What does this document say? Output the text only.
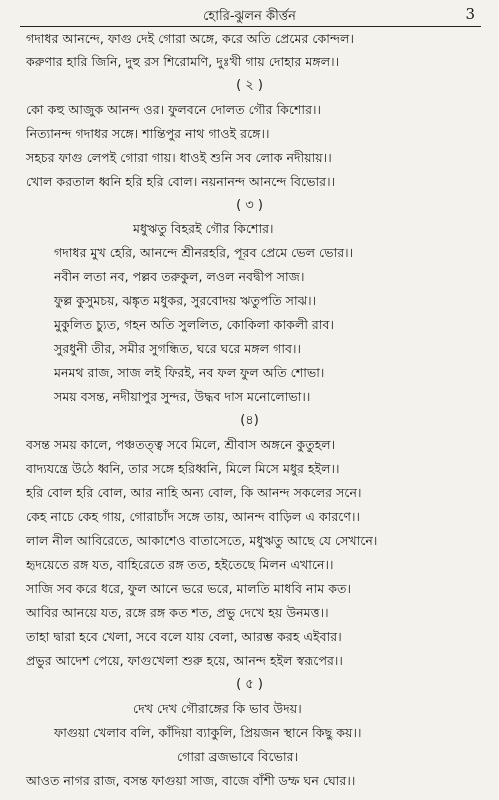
হোরি-ঝুলন কীর্ত্তন	3
গদাধর আনন্দে, ফাগু দেই গোরা অঙ্গে, করে অতি প্রেমের কোন্দল।
করুণার হারি জিনি, দুহু রস শিরোমণি, দুঃখী গায় দোহার মঙ্গল।।
( ২ )
কো কহু আজুক আনন্দ ওর। ফুলবনে দোলত গৌর কিশোর।।
নিত্যানন্দ গদাধর সঙ্গে। শান্তিপুর নাথ গাওই রঙ্গে।।
সহচর ফাগু লেপই গোরা গায়। ধাওই শুনি সব লোক নদীয়ায়।।
খোল করতাল ধ্বনি হরি হরি বোল। নয়নানন্দ আনন্দে বিভোর।।
( ৩ )
মধুঋতু বিহরই গৌর কিশোর।
গদাধর মুখ হেরি, আনন্দে শ্রীনরহরি, পূরব প্রেমে ভেল ভোর।।
নবীন লতা নব, পল্লব তরুকুল, লওল নবদ্বীপ সাজ।
ফুল্ল কুসুমচয়, ঝঙ্কৃত মধুকর, সুরবোদয় ঋতুপতি সাঝ।।
মুকুলিত চ্যুত, গহন অতি সুললিত, কোকিলা কাকলী রাব।
সুরধুনী তীর, সমীর সুগন্ধিত, ঘরে ঘরে মঙ্গল গাব।।
মনমথ রাজ, সাজ লই ফিরই, নব ফল ফুল অতি শোভা।
সময় বসন্ত, নদীয়াপুর সুন্দর, উদ্ধব দাস মনোলোভা।।
(৪)
বসন্ত সময় কালে, পঞ্চতত্ত্ব সবে মিলে, শ্রীবাস অঙ্গনে কুতুহল।
বাদ্যযন্ত্রে উঠে ধ্বনি, তার সঙ্গে হরিধ্বনি, মিলে মিসে মধুর হইল।।
হরি বোল হরি বোল, আর নাহি অন্য বোল, কি আনন্দ সকলের সনে।
কেহ নাচে কেহ গায়, গোরাচাঁদ সঙ্গে তায়, আনন্দ বাড়িল এ কারণে।।
লাল নীল আবিরেতে, আকাশেও বাতাসেতে, মধুঋতু আছে যে সেখানে।
হৃদয়েতে রঙ্গ যত, বাহিরেতে রঙ্গ তত, হইতেছে মিলন এখানে।।
সাজি সব করে ধরে, ফুল আনে ভরে ভরে, মালতি মাধবি নাম কত।
আবির আনয়ে যত, রঙ্গে রঙ্গ কত শত, প্রভু দেখে হয় উনমত্ত।।
তাহা দ্বারা হবে খেলা, সবে বলে যায় বেলা, আরম্ভ করহ এইবার।
প্রভুর আদেশ পেয়ে, ফাগুখেলা শুরু হয়ে, আনন্দ হইল স্বরূপের।।
( ৫ )
দেখ দেখ গৌরাঙ্গের কি ভাব উদয়।
ফাগুয়া খেলাব বলি, কাঁদিয়া ব্যাকুলি, প্রিয়জন স্থানে কিছু কয়।।
গোরা ব্রজভাবে বিভোর।
আওত নাগর রাজ, বসন্ত ফাগুয়া সাজ, বাজে বাঁশী ডম্ফ ঘন ঘোর।।
